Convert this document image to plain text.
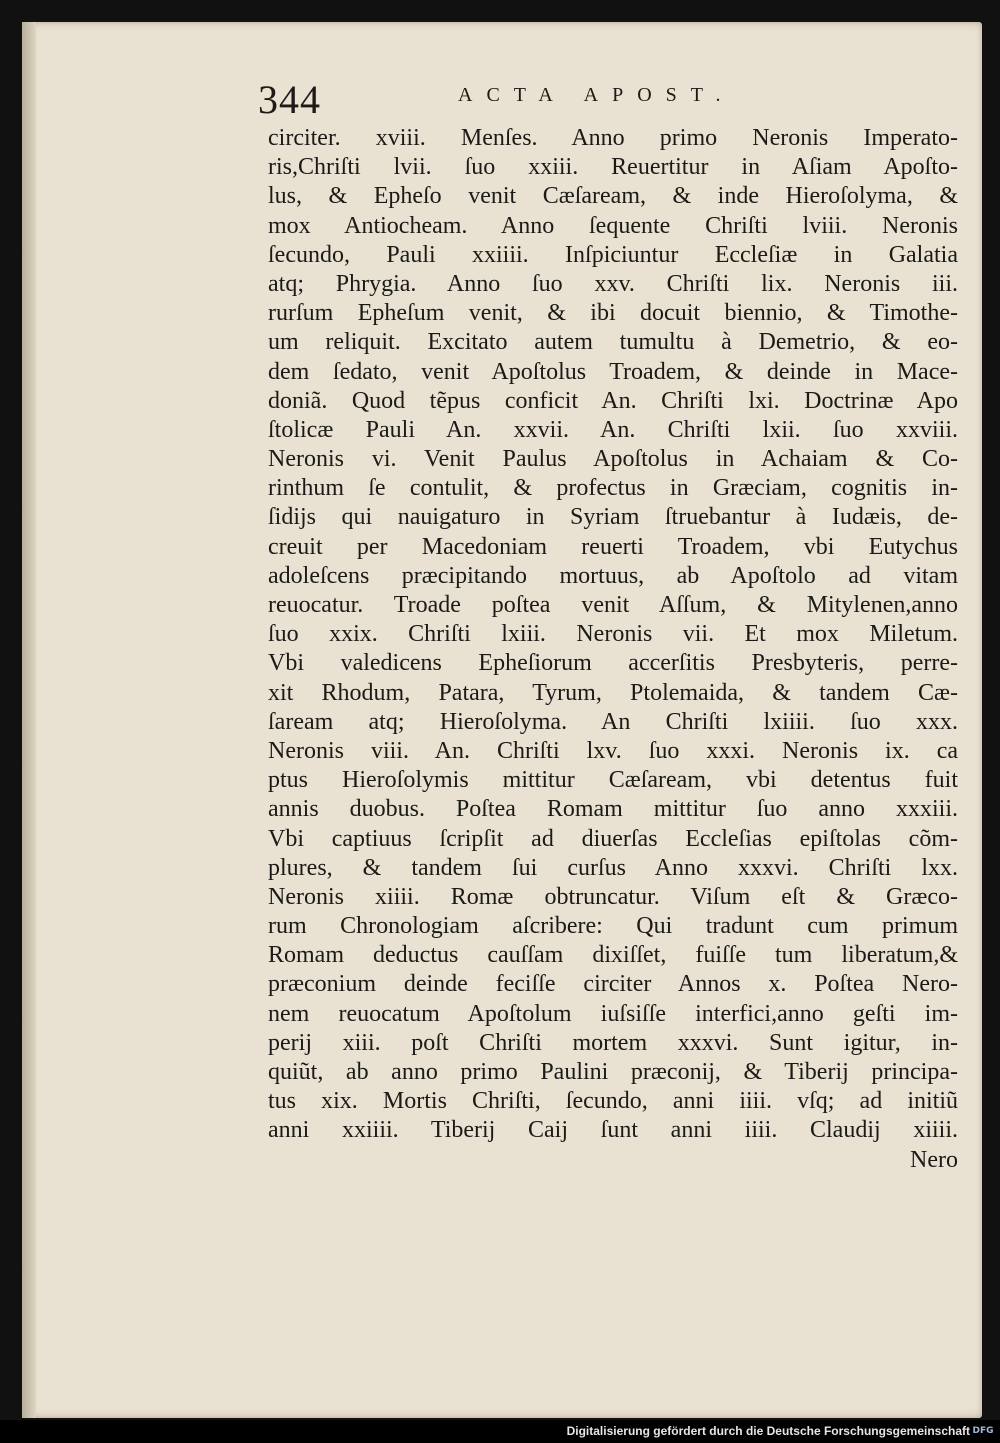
344	ACTA APOST.
circiter. xviii. Menſes. Anno primo Neronis Imperato-
ris,Chriſti lvii. ſuo xxiii. Reuertitur in Aſiam Apoſto-
lus, & Epheſo venit Cæſaream, & inde Hieroſolyma, &
mox Antiocheam. Anno ſequente Chriſti lviii. Neronis
ſecundo, Pauli xxiiii. Inſpiciuntur Eccleſiæ in Galatia
atq; Phrygia. Anno ſuo xxv. Chriſti lix. Neronis iii.
rurſum Epheſum venit, & ibi docuit biennio, & Timothe-
um reliquit. Excitato autem tumultu à Demetrio, & eo-
dem ſedato, venit Apoſtolus Troadem, & deinde in Mace-
doniã. Quod tẽpus conficit An. Chriſti lxi. Doctrinæ Apo
ſtolicæ Pauli An. xxvii. An. Chriſti lxii. ſuo xxviii.
Neronis vi. Venit Paulus Apoſtolus in Achaiam & Co-
rinthum ſe contulit, & profectus in Græciam, cognitis in-
ſidijs qui nauigaturo in Syriam ſtruebantur à Iudæis, de-
creuit per Macedoniam reuerti Troadem, vbi Eutychus
adoleſcens præcipitando mortuus, ab Apoſtolo ad vitam
reuocatur. Troade poſtea venit Aſſum, & Mitylenen,anno
ſuo xxix. Chriſti lxiii. Neronis vii. Et mox Miletum.
Vbi valedicens Epheſiorum accerſitis Presbyteris, perre-
xit Rhodum, Patara, Tyrum, Ptolemaida, & tandem Cæ-
ſaream atq; Hieroſolyma. An Chriſti lxiiii. ſuo xxx.
Neronis viii. An. Chriſti lxv. ſuo xxxi. Neronis ix. ca
ptus Hieroſolymis mittitur Cæſaream, vbi detentus fuit
annis duobus. Poſtea Romam mittitur ſuo anno xxxiii.
Vbi captiuus ſcripſit ad diuerſas Eccleſias epiſtolas cõm-
plures, & tandem ſui curſus Anno xxxvi. Chriſti lxx.
Neronis xiiii. Romæ obtruncatur. Viſum eſt & Græco-
rum Chronologiam aſcribere: Qui tradunt cum primum
Romam deductus cauſſam dixiſſet, fuiſſe tum liberatum,&
præconium deinde feciſſe circiter Annos x. Poſtea Nero-
nem reuocatum Apoſtolum iuſsiſſe interfici,anno geſti im-
perij xiii. poſt Chriſti mortem xxxvi. Sunt igitur, in-
quiũt, ab anno primo Paulini præconij, & Tiberij principa-
tus xix. Mortis Chriſti, ſecundo, anni iiii. vſq; ad initiũ
anni xxiiii. Tiberij Caij ſunt anni iiii. Claudij xiiii.
Nero
Digitalisierung gefördert durch die Deutsche Forschungsgemeinschaft DFG
